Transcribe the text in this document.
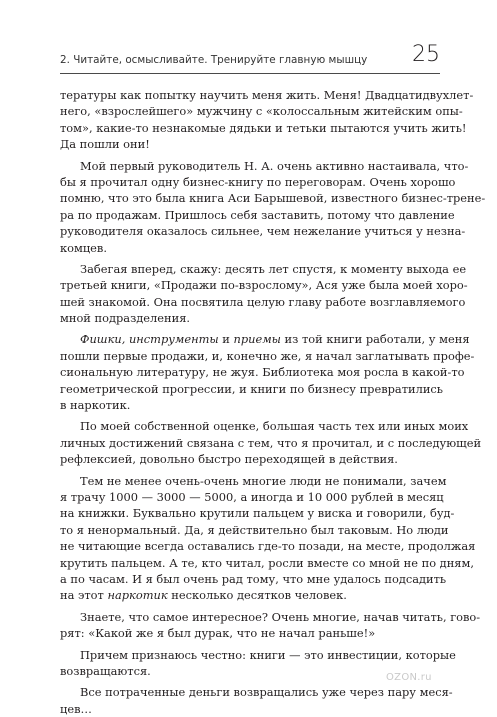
2. Читайте, осмысливайте. Тренируйте главную мышцу 25
тературы как попытку научить меня жить. Меня! Двадцатидвухлет-
него, «взрослейшего» мужчину с «колоссальным житейским опы-
том», какие-то незнакомые дядьки и тетьки пытаются учить жить!
Да пошли они!
Мой первый руководитель Н. А. очень активно настаивала, что-
бы я прочитал одну бизнес-книгу по переговорам. Очень хорошо
помню, что это была книга Аси Барышевой, известного бизнес-трене-
ра по продажам. Пришлось себя заставить, потому что давление
руководителя оказалось сильнее, чем нежелание учиться у незна-
комцев.
Забегая вперед, скажу: десять лет спустя, к моменту выхода ее
третьей книги, «Продажи по-взрослому», Ася уже была моей хоро-
шей знакомой. Она посвятила целую главу работе возглавляемого
мной подразделения.
Фишки, инструменты и приемы из той книги работали, у меня
пошли первые продажи, и, конечно же, я начал заглатывать профе-
сиональную литературу, не жуя. Библиотека моя росла в какой-то
геометрической прогрессии, и книги по бизнесу превратились
в наркотик.
По моей собственной оценке, большая часть тех или иных моих
личных достижений связана с тем, что я прочитал, и с последующей
рефлексией, довольно быстро переходящей в действия.
Тем не менее очень-очень многие люди не понимали, зачем
я трачу 1000 — 3000 — 5000, а иногда и 10 000 рублей в месяц
на книжки. Буквально крутили пальцем у виска и говорили, буд-
то я ненормальный. Да, я действительно был таковым. Но люди
не читающие всегда оставались где-то позади, на месте, продолжая
крутить пальцем. А те, кто читал, росли вместе со мной не по дням,
а по часам. И я был очень рад тому, что мне удалось подсадить
на этот наркотик несколько десятков человек.
Знаете, что самое интересное? Очень многие, начав читать, гово-
рят: «Какой же я был дурак, что не начал раньше!»
Причем признаюсь честно: книги — это инвестиции, которые
возвращаются.
Все потраченные деньги возвращались уже через пару меся-
цев…
OZON.ru
